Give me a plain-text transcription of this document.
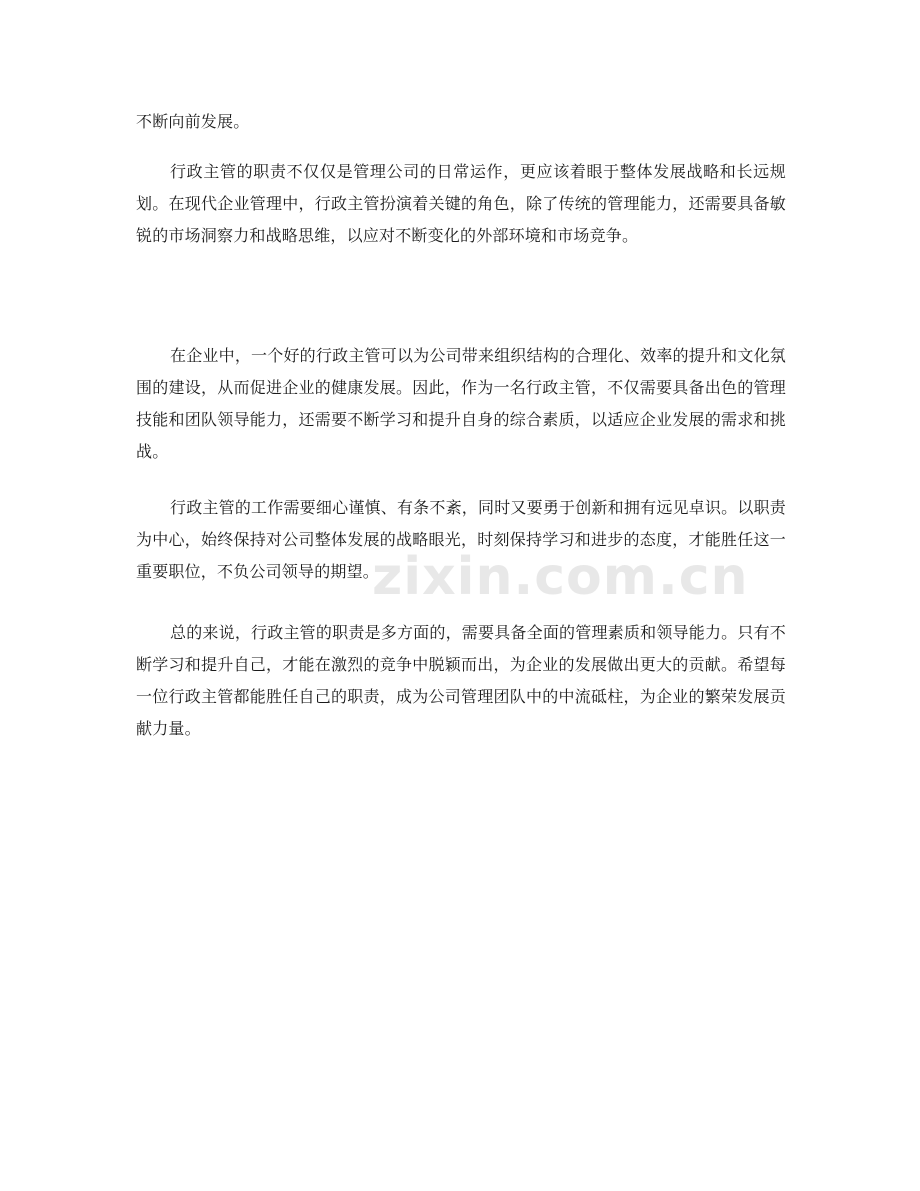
不断向前发展。
行政主管的职责不仅仅是管理公司的日常运作，更应该着眼于整体发展战略和长远规划。在现代企业管理中，行政主管扮演着关键的角色，除了传统的管理能力，还需要具备敏锐的市场洞察力和战略思维，以应对不断变化的外部环境和市场竞争。
在企业中，一个好的行政主管可以为公司带来组织结构的合理化、效率的提升和文化氛围的建设，从而促进企业的健康发展。因此，作为一名行政主管，不仅需要具备出色的管理技能和团队领导能力，还需要不断学习和提升自身的综合素质，以适应企业发展的需求和挑战。
行政主管的工作需要细心谨慎、有条不紊，同时又要勇于创新和拥有远见卓识。以职责为中心，始终保持对公司整体发展的战略眼光，时刻保持学习和进步的态度，才能胜任这一重要职位，不负公司领导的期望。
总的来说，行政主管的职责是多方面的，需要具备全面的管理素质和领导能力。只有不断学习和提升自己，才能在激烈的竞争中脱颖而出，为企业的发展做出更大的贡献。希望每一位行政主管都能胜任自己的职责，成为公司管理团队中的中流砥柱，为企业的繁荣发展贡献力量。
zixin.com.cn
